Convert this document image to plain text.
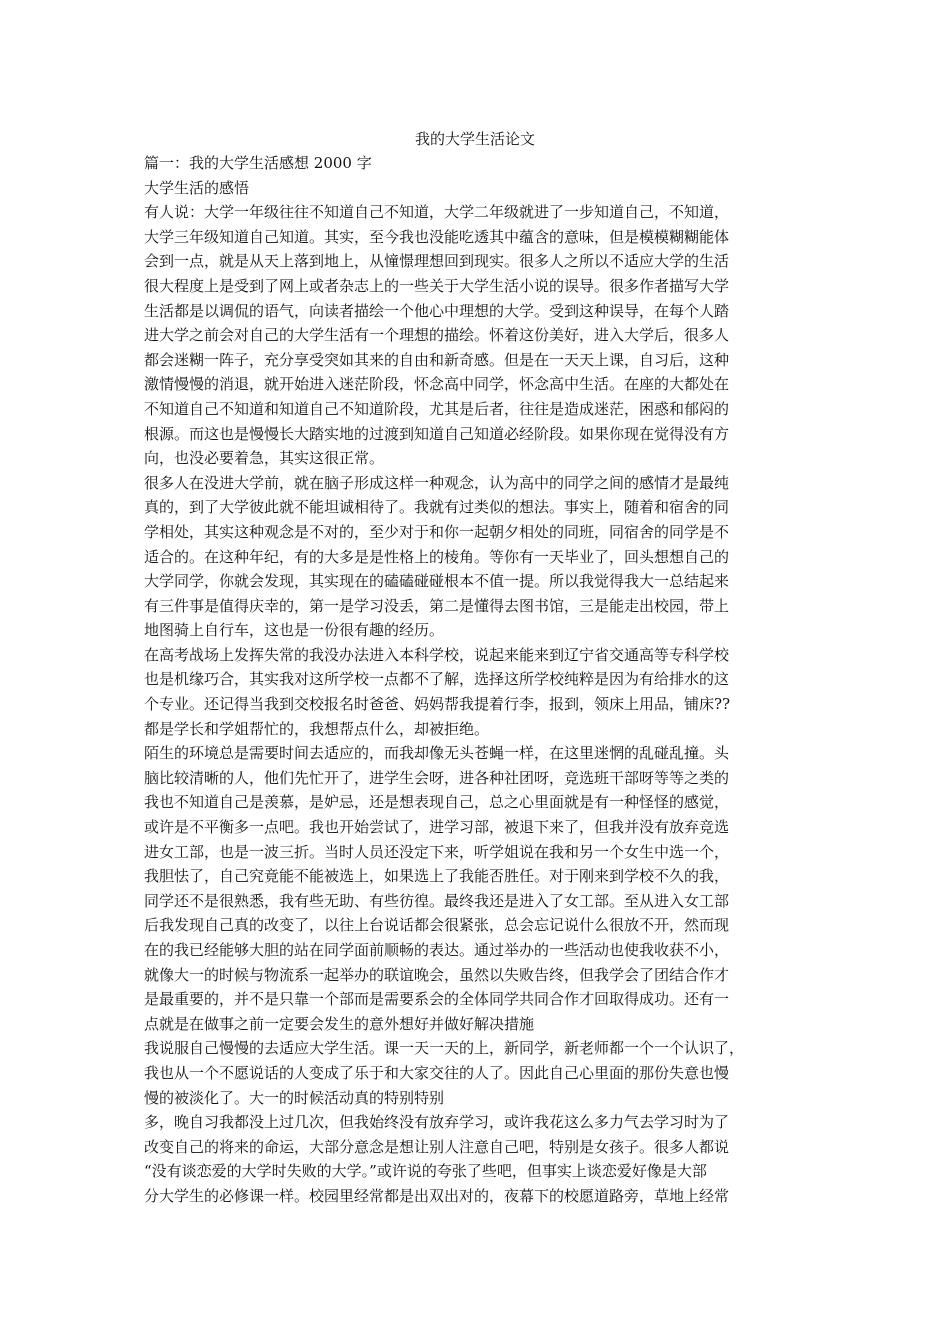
我的大学生活论文

篇一：我的大学生活感想 2000 字

大学生活的感悟

有人说：大学一年级往往不知道自己不知道，大学二年级就进了一步知道自己，不知道，

大学三年级知道自己知道。其实，至今我也没能吃透其中蕴含的意味，但是模模糊糊能体

会到一点，就是从天上落到地上，从憧憬理想回到现实。很多人之所以不适应大学的生活

很大程度上是受到了网上或者杂志上的一些关于大学生活小说的误导。很多作者描写大学

生活都是以调侃的语气，向读者描绘一个他心中理想的大学。受到这种误导，在每个人踏

进大学之前会对自己的大学生活有一个理想的描绘。怀着这份美好，进入大学后，很多人

都会迷糊一阵子，充分享受突如其来的自由和新奇感。但是在一天天上课，自习后，这种

激情慢慢的消退，就开始进入迷茫阶段，怀念高中同学，怀念高中生活。在座的大都处在

不知道自己不知道和知道自己不知道阶段，尤其是后者，往往是造成迷茫，困惑和郁闷的

根源。而这也是慢慢长大踏实地的过渡到知道自己知道必经阶段。如果你现在觉得没有方

向，也没必要着急，其实这很正常。

很多人在没进大学前，就在脑子形成这样一种观念，认为高中的同学之间的感情才是最纯

真的，到了大学彼此就不能坦诚相待了。我就有过类似的想法。事实上，随着和宿舍的同

学相处，其实这种观念是不对的，至少对于和你一起朝夕相处的同班，同宿舍的同学是不

适合的。在这种年纪，有的大多是是性格上的棱角。等你有一天毕业了，回头想想自己的

大学同学，你就会发现，其实现在的磕磕碰碰根本不值一提。所以我觉得我大一总结起来

有三件事是值得庆幸的，第一是学习没丢，第二是懂得去图书馆，三是能走出校园，带上

地图骑上自行车，这也是一份很有趣的经历。

在高考战场上发挥失常的我没办法进入本科学校，说起来能来到辽宁省交通高等专科学校

也是机缘巧合，其实我对这所学校一点都不了解，选择这所学校纯粹是因为有给排水的这

个专业。还记得当我到交校报名时爸爸、妈妈帮我提着行李，报到，领床上用品，铺床??

都是学长和学姐帮忙的，我想帮点什么，却被拒绝。

陌生的环境总是需要时间去适应的，而我却像无头苍蝇一样，在这里迷惘的乱碰乱撞。头

脑比较清晰的人，他们先忙开了，进学生会呀，进各种社团呀，竞选班干部呀等等之类的

我也不知道自己是羡慕，是妒忌，还是想表现自己，总之心里面就是有一种怪怪的感觉，

或许是不平衡多一点吧。我也开始尝试了，进学习部，被退下来了，但我并没有放弃竞选

进女工部，也是一波三折。当时人员还没定下来，听学姐说在我和另一个女生中选一个，

我胆怯了，自己究竟能不能被选上，如果选上了我能否胜任。对于刚来到学校不久的我，

同学还不是很熟悉，我有些无助、有些彷徨。最终我还是进入了女工部。至从进入女工部

后我发现自己真的改变了，以往上台说话都会很紧张，总会忘记说什么很放不开，然而现

在的我已经能够大胆的站在同学面前顺畅的表达。通过举办的一些活动也使我收获不小，

就像大一的时候与物流系一起举办的联谊晚会，虽然以失败告终，但我学会了团结合作才

是最重要的，并不是只靠一个部而是需要系会的全体同学共同合作才回取得成功。还有一

点就是在做事之前一定要会发生的意外想好并做好解决措施

我说服自己慢慢的去适应大学生活。课一天一天的上，新同学，新老师都一个一个认识了，

我也从一个不愿说话的人变成了乐于和大家交往的人了。因此自己心里面的那份失意也慢

慢的被淡化了。大一的时候活动真的特别特别

多，晚自习我都没上过几次，但我始终没有放弃学习，或许我花这么多力气去学习时为了

改变自己的将来的命运，大部分意念是想让别人注意自己吧，特别是女孩子。很多人都说

“没有谈恋爱的大学时失败的大学。”或许说的夸张了些吧，但事实上谈恋爱好像是大部

分大学生的必修课一样。校园里经常都是出双出对的，夜幕下的校愿道路旁，草地上经常
